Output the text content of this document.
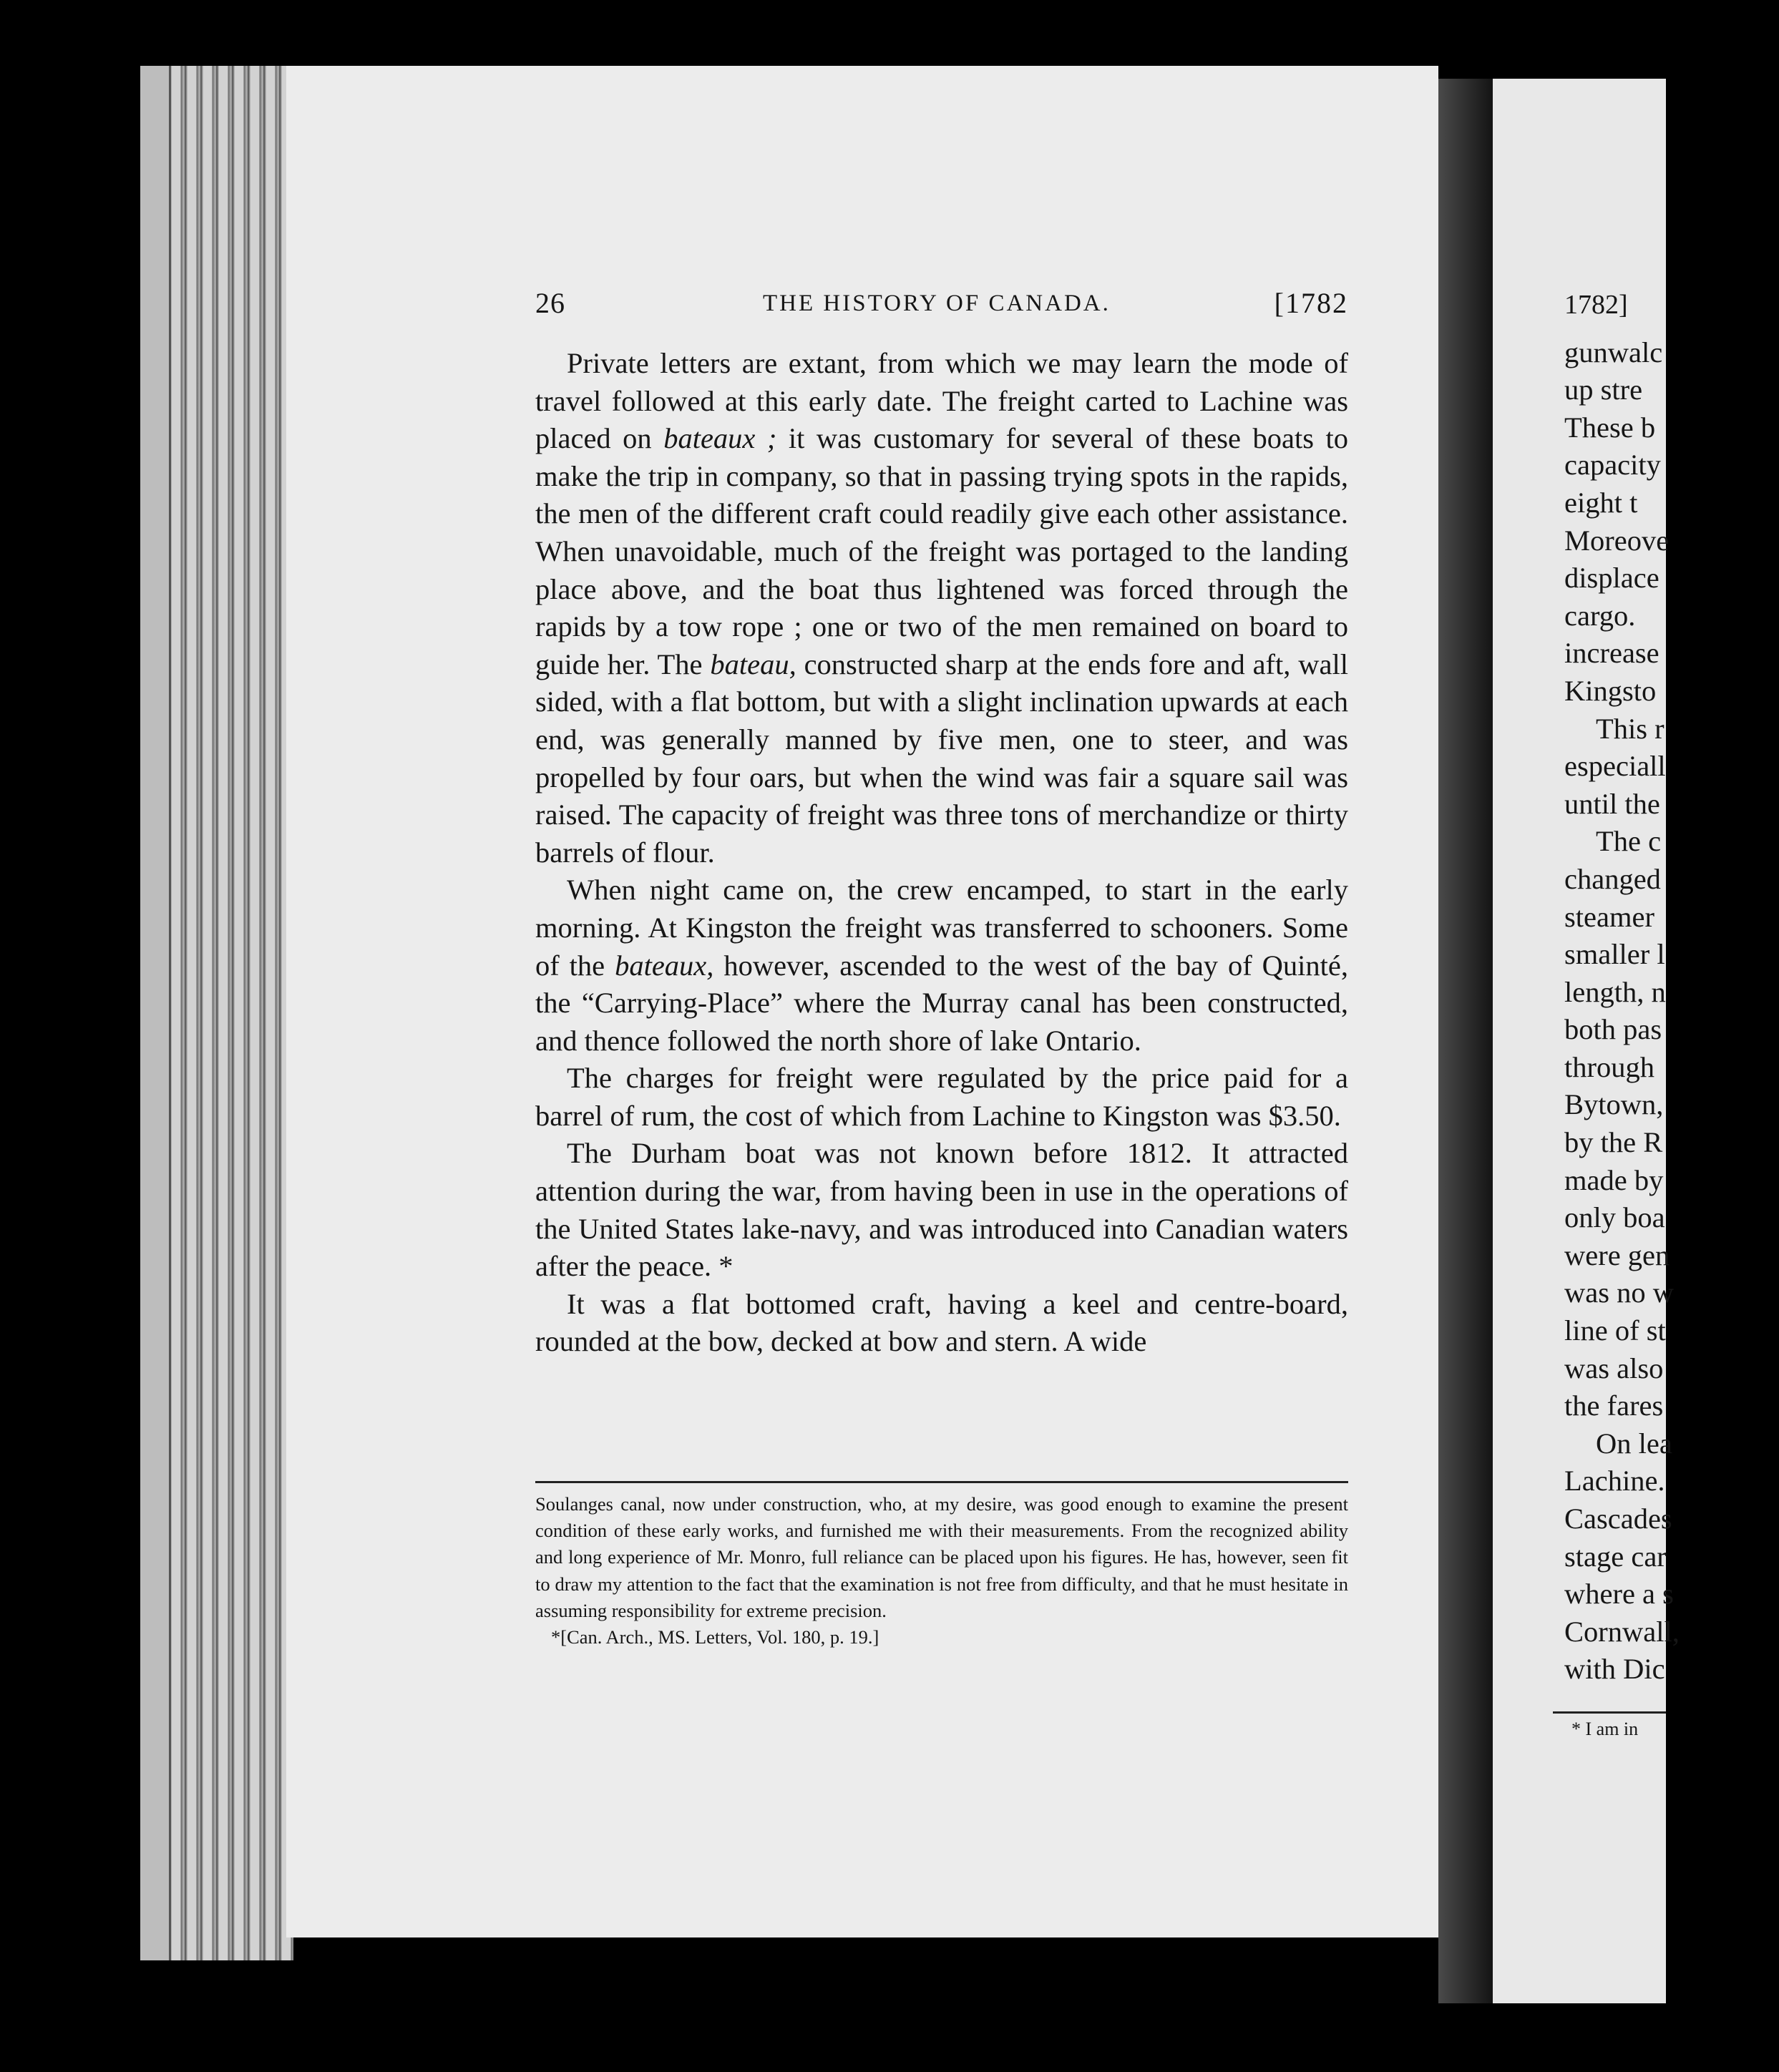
26	THE HISTORY OF CANADA.	[1782

Private letters are extant, from which we may learn the mode of travel followed at this early date. The freight carted to Lachine was placed on bateaux ; it was customary for several of these boats to make the trip in company, so that in passing trying spots in the rapids, the men of the different craft could readily give each other assistance. When unavoidable, much of the freight was portaged to the landing place above, and the boat thus lightened was forced through the rapids by a tow rope ; one or two of the men remained on board to guide her. The bateau, constructed sharp at the ends fore and aft, wall sided, with a flat bottom, but with a slight inclination upwards at each end, was generally manned by five men, one to steer, and was propelled by four oars, but when the wind was fair a square sail was raised. The capacity of freight was three tons of merchandize or thirty barrels of flour.

When night came on, the crew encamped, to start in the early morning. At Kingston the freight was transferred to schooners. Some of the bateaux, however, ascended to the west of the bay of Quinté, the “Carrying-Place” where the Murray canal has been constructed, and thence followed the north shore of lake Ontario.

The charges for freight were regulated by the price paid for a barrel of rum, the cost of which from Lachine to Kingston was $3.50.

The Durham boat was not known before 1812. It attracted attention during the war, from having been in use in the operations of the United States lake-navy, and was introduced into Canadian waters after the peace. *

It was a flat bottomed craft, having a keel and centre-board, rounded at the bow, decked at bow and stern. A wide

Soulanges canal, now under construction, who, at my desire, was good enough to examine the present condition of these early works, and furnished me with their measurements. From the recognized ability and long experience of Mr. Monro, full reliance can be placed upon his figures. He has, however, seen fit to draw my attention to the fact that the examination is not free from difficulty, and that he must hesitate in assuming responsibility for extreme precision.

*[Can. Arch., MS. Letters, Vol. 180, p. 19.]

1782]
gunwalc
up stre
These b
capacity
eight t
Moreove
displace
cargo.
increase
Kingsto
This r
especiall
until the
The c
changed
steamer
smaller l
length, n
both pas
through
Bytown,
by the R
made by
only boa
were gen
was no w
line of st
was also
the fares
On lea
Lachine.
Cascades
stage car
where a s
Cornwall,
with Dic
* I am in
